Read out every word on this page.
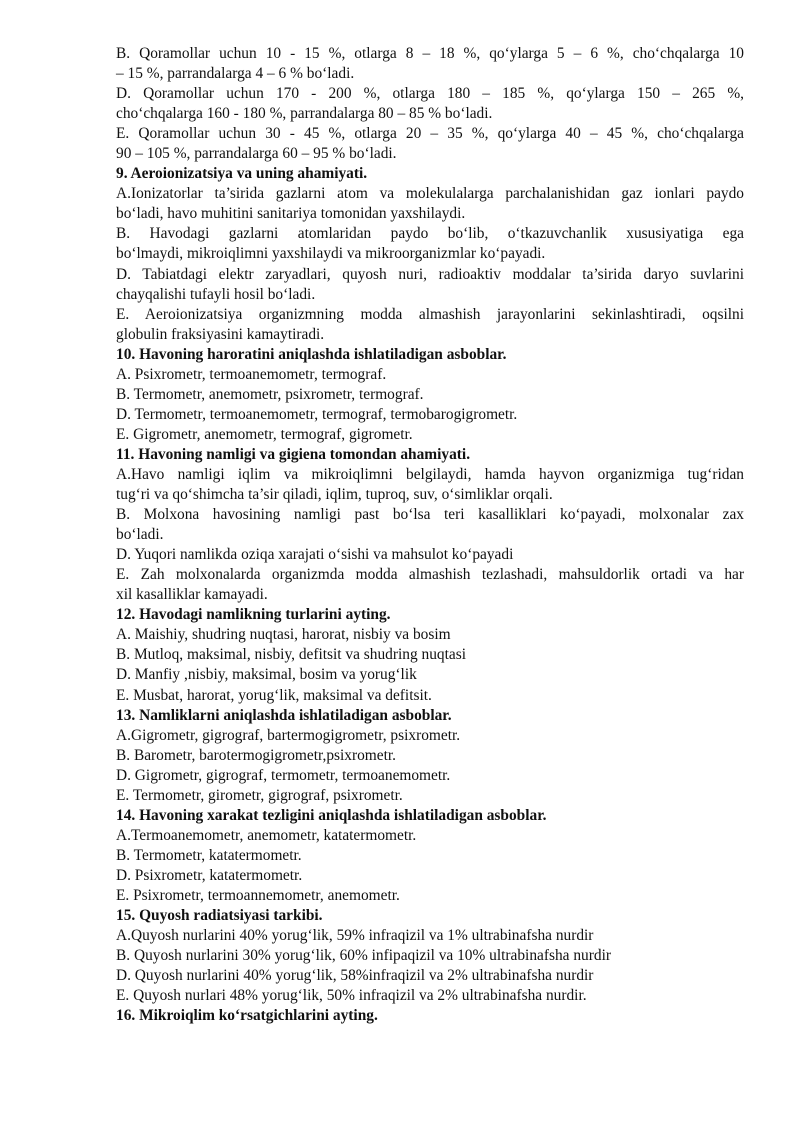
B. Qoramollar uchun 10 - 15 %, otlarga 8 – 18 %, qo‘ylarga 5 – 6 %, cho‘chqalarga 10
– 15 %, parrandalarga 4 – 6 % bo‘ladi.
D. Qoramollar uchun 170 - 200 %, otlarga 180 – 185 %, qo‘ylarga 150 – 265 %,
cho‘chqalarga 160 - 180 %, parrandalarga 80 – 85 % bo‘ladi.
E. Qoramollar uchun 30 - 45 %, otlarga 20 – 35 %, qo‘ylarga 40 – 45 %, cho‘chqalarga
90 – 105 %, parrandalarga 60 – 95 % bo‘ladi.
9. Aeroionizatsiya va uning ahamiyati.
A.Ionizatorlar ta’sirida gazlarni atom va molekulalarga parchalanishidan gaz ionlari paydo
bo‘ladi, havo muhitini sanitariya tomonidan yaxshilaydi.
B. Havodagi gazlarni atomlaridan paydo bo‘lib, o‘tkazuvchanlik xususiyatiga ega
bo‘lmaydi, mikroiqlimni yaxshilaydi va mikroorganizmlar ko‘payadi.
D. Tabiatdagi elektr zaryadlari, quyosh nuri, radioaktiv moddalar ta’sirida daryo suvlarini
chayqalishi tufayli hosil bo‘ladi.
E. Aeroionizatsiya organizmning modda almashish jarayonlarini sekinlashtiradi, oqsilni
globulin fraksiyasini kamaytiradi.
10. Havoning haroratini aniqlashda ishlatiladigan asboblar.
A. Psixrometr, termoanemometr, termograf.
B. Termometr, anemometr, psixrometr, termograf.
D. Termometr, termoanemometr, termograf, termobarogigrometr.
E. Gigrometr, anemometr, termograf, gigrometr.
11. Havoning namligi va gigiena tomondan ahamiyati.
A.Havo namligi iqlim va mikroiqlimni belgilaydi, hamda hayvon organizmiga tug‘ridan
tug‘ri va qo‘shimcha ta’sir qiladi, iqlim, tuproq, suv, o‘simliklar orqali.
B. Molxona havosining namligi past bo‘lsa teri kasalliklari ko‘payadi, molxonalar zax
bo‘ladi.
D. Yuqori namlikda oziqa xarajati o‘sishi va mahsulot ko‘payadi
E. Zah molxonalarda organizmda modda almashish tezlashadi, mahsuldorlik ortadi va har
xil kasalliklar kamayadi.
12. Havodagi namlikning turlarini ayting.
A. Maishiy, shudring nuqtasi, harorat, nisbiy va bosim
B. Mutloq, maksimal, nisbiy, defitsit va shudring nuqtasi
D. Manfiy ,nisbiy, maksimal, bosim va yorug‘lik
E. Musbat, harorat, yorug‘lik, maksimal va defitsit.
13. Namliklarni aniqlashda ishlatiladigan asboblar.
A.Gigrometr, gigrograf, bartermogigrometr, psixrometr.
B. Barometr, barotermogigrometr,psixrometr.
D. Gigrometr, gigrograf, termometr, termoanemometr.
E. Termometr, girometr, gigrograf, psixrometr.
14. Havoning xarakat tezligini aniqlashda ishlatiladigan asboblar.
A.Termoanemometr, anemometr, katatermometr.
B. Termometr, katatermometr.
D. Psixrometr, katatermometr.
E. Psixrometr, termoannemometr, anemometr.
15. Quyosh radiatsiyasi tarkibi.
A.Quyosh nurlarini 40% yorug‘lik, 59% infraqizil va 1% ultrabinafsha nurdir
B. Quyosh nurlarini 30% yorug‘lik, 60% infipaqizil va 10% ultrabinafsha nurdir
D. Quyosh nurlarini 40% yorug‘lik, 58%infraqizil va 2% ultrabinafsha nurdir
E. Quyosh nurlari 48% yorug‘lik, 50% infraqizil va 2% ultrabinafsha nurdir.
16. Mikroiqlim ko‘rsatgichlarini ayting.
